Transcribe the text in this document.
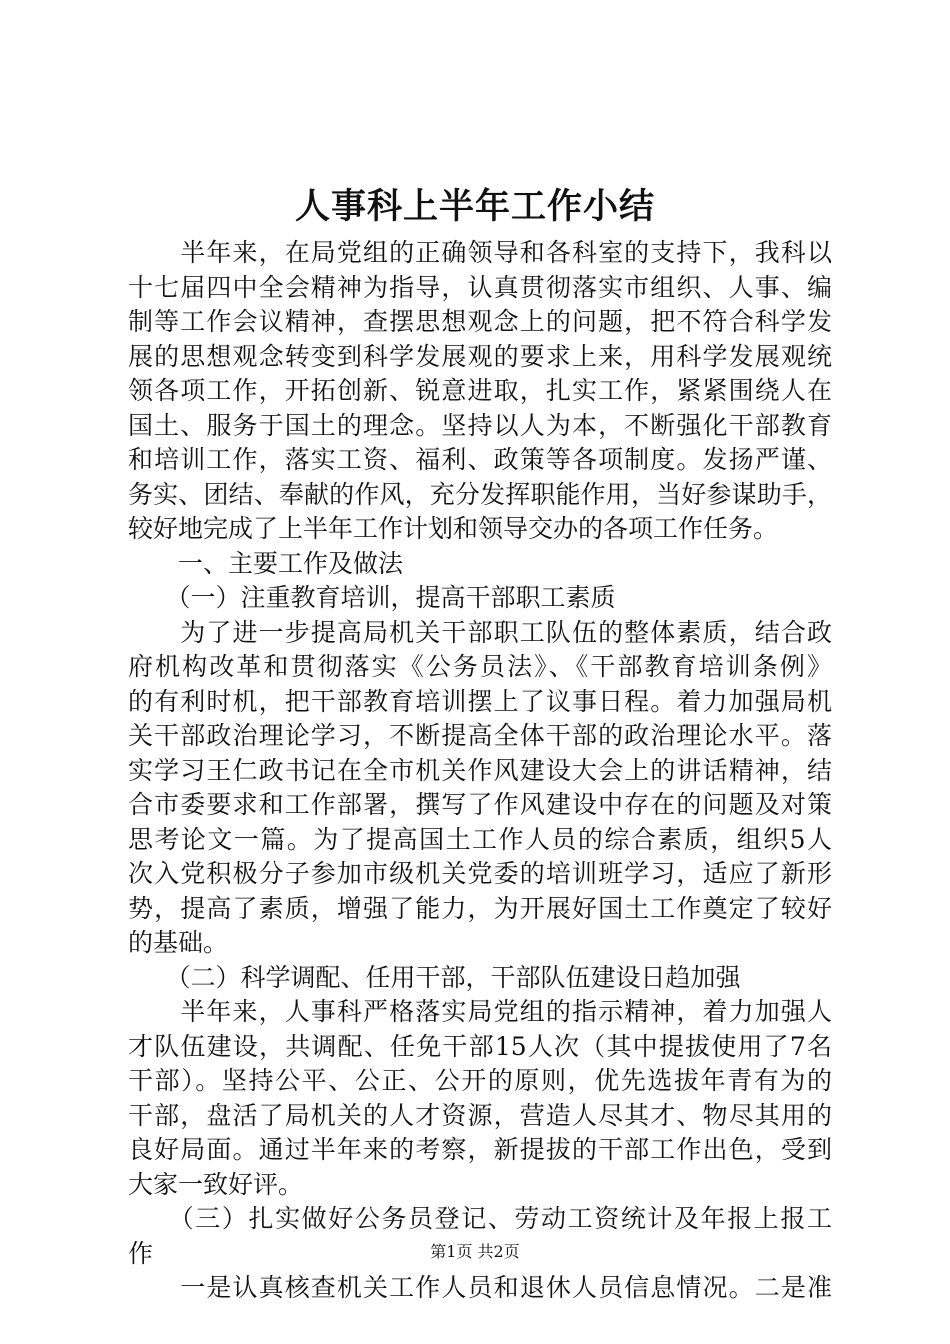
人事科上半年工作小结
　　半年来，在局党组的正确领导和各科室的支持下，我科以
十七届四中全会精神为指导，认真贯彻落实市组织、人事、编
制等工作会议精神，查摆思想观念上的问题，把不符合科学发
展的思想观念转变到科学发展观的要求上来，用科学发展观统
领各项工作，开拓创新、锐意进取，扎实工作，紧紧围绕人在
国土、服务于国土的理念。坚持以人为本，不断强化干部教育
和培训工作，落实工资、福利、政策等各项制度。发扬严谨、
务实、团结、奉献的作风，充分发挥职能作用，当好参谋助手，
较好地完成了上半年工作计划和领导交办的各项工作任务。
　　一、主要工作及做法
　　（一）注重教育培训，提高干部职工素质
　　为了进一步提高局机关干部职工队伍的整体素质，结合政
府机构改革和贯彻落实《公务员法》、《干部教育培训条例》
的有利时机，把干部教育培训摆上了议事日程。着力加强局机
关干部政治理论学习，不断提高全体干部的政治理论水平。落
实学习王仁政书记在全市机关作风建设大会上的讲话精神，结
合市委要求和工作部署，撰写了作风建设中存在的问题及对策
思考论文一篇。为了提高国土工作人员的综合素质，组织5人
次入党积极分子参加市级机关党委的培训班学习，适应了新形
势，提高了素质，增强了能力，为开展好国土工作奠定了较好
的基础。
　　（二）科学调配、任用干部，干部队伍建设日趋加强
　　半年来，人事科严格落实局党组的指示精神，着力加强人
才队伍建设，共调配、任免干部15人次（其中提拔使用了7名
干部）。坚持公平、公正、公开的原则，优先选拔年青有为的
干部，盘活了局机关的人才资源，营造人尽其才、物尽其用的
良好局面。通过半年来的考察，新提拔的干部工作出色，受到
大家一致好评。
　　（三）扎实做好公务员登记、劳动工资统计及年报上报工
作
　　一是认真核查机关工作人员和退休人员信息情况。二是准
第1页 共2页
